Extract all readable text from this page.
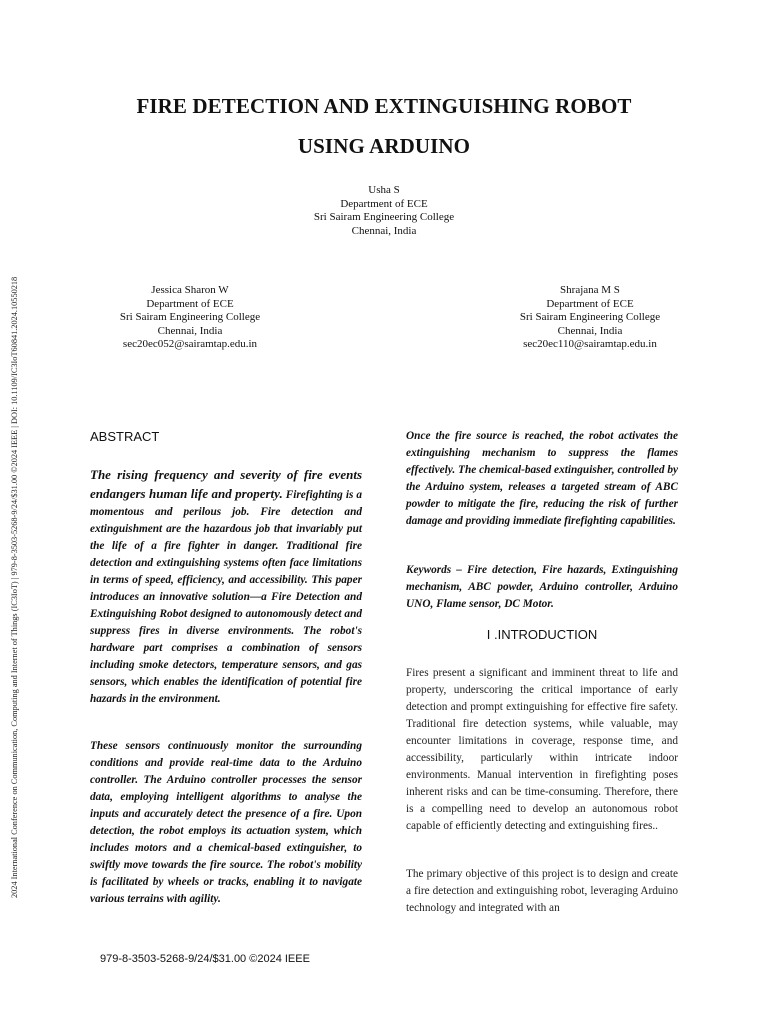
2024 International Conference on Communication, Computing and Internet of Things (IC3IoT) | 979-8-3503-5268-9/24/$31.00 ©2024 IEEE | DOI: 10.1109/IC3IoT60841.2024.10550218
FIRE DETECTION AND EXTINGUISHING ROBOT
USING ARDUINO
Usha S
Department of ECE
Sri Sairam Engineering College
Chennai, India
Jessica Sharon W
Department of ECE
Sri Sairam Engineering College
Chennai, India
sec20ec052@sairamtap.edu.in
Shrajana M S
Department of ECE
Sri Sairam Engineering College
Chennai, India
sec20ec110@sairamtap.edu.in
ABSTRACT

The rising frequency and severity of fire events endangers human life and property. Firefighting is a momentous and perilous job. Fire detection and extinguishment are the hazardous job that invariably put the life of a fire fighter in danger. Traditional fire detection and extinguishing systems often face limitations in terms of speed, efficiency, and accessibility. This paper introduces an innovative solution—a Fire Detection and Extinguishing Robot designed to autonomously detect and suppress fires in diverse environments. The robot's hardware part comprises a combination of sensors including smoke detectors, temperature sensors, and gas sensors, which enables the identification of potential fire hazards in the environment.

These sensors continuously monitor the surrounding conditions and provide real-time data to the Arduino controller. The Arduino controller processes the sensor data, employing intelligent algorithms to analyse the inputs and accurately detect the presence of a fire. Upon detection, the robot employs its actuation system, which includes motors and a chemical-based extinguisher, to swiftly move towards the fire source. The robot's mobility is facilitated by wheels or tracks, enabling it to navigate various terrains with agility.

Once the fire source is reached, the robot activates the extinguishing mechanism to suppress the flames effectively. The chemical-based extinguisher, controlled by the Arduino system, releases a targeted stream of ABC powder to mitigate the fire, reducing the risk of further damage and providing immediate firefighting capabilities.

Keywords – Fire detection, Fire hazards, Extinguishing mechanism, ABC powder, Arduino controller, Arduino UNO, Flame sensor, DC Motor.

I .INTRODUCTION

Fires present a significant and imminent threat to life and property, underscoring the critical importance of early detection and prompt extinguishing for effective fire safety. Traditional fire detection systems, while valuable, may encounter limitations in coverage, response time, and accessibility, particularly within intricate indoor environments. Manual intervention in firefighting poses inherent risks and can be time-consuming. Therefore, there is a compelling need to develop an autonomous robot capable of efficiently detecting and extinguishing fires..

The primary objective of this project is to design and create a fire detection and extinguishing robot, leveraging Arduino technology and integrated with an

979-8-3503-5268-9/24/$31.00 ©2024 IEEE
